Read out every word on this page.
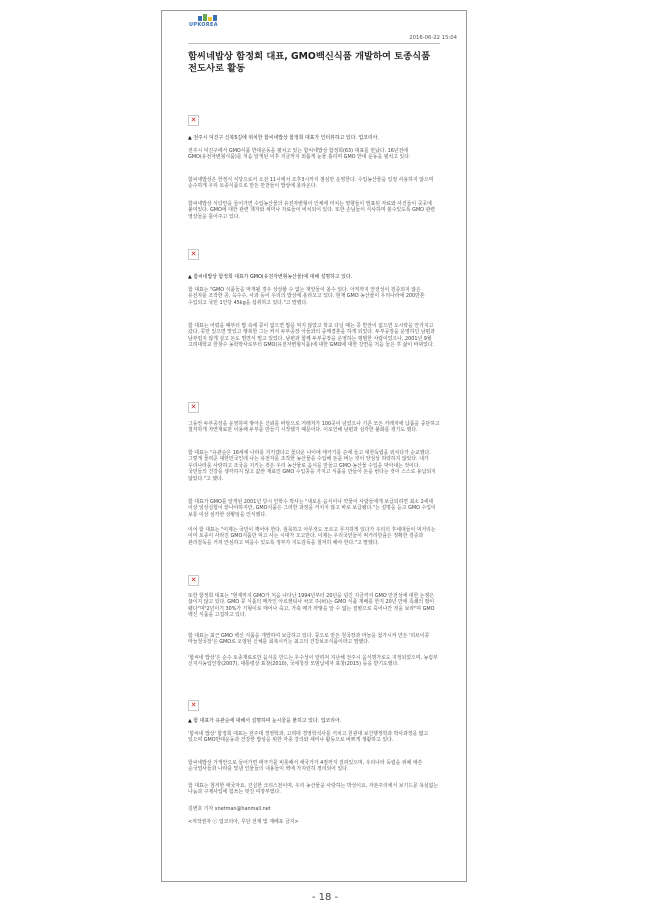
UPKOREA
2016-06-22 15:04
함씨네밥상 함정희 대표, GMO백신식품 개발하여 토종식품 전도사로 활동
✕

▲ 전주시 덕진구 신복5길에 위치한 함씨네밥상 함정희 대표가 인터뷰하고 있다. 업코리아.

전주시 덕진구에서 GMO식품 반대운동을 펼치고 있는 함씨네밥상 함정희(63) 대표를 만났다. 16년전에 GMO(유전자변형식품)를 처음 알게된 이후 지금까지 외롭게 눈물 흘리며 GMO 반대 운동을 펼치고 있다.

함씨네밥상은 한정식 식당으로서 오전 11시에서 오후3시까지 점심만 운영한다. 수입농산물을 일절 사용하지 않으며 순수하게 우리 토종식품으로 만든 만찬들이 밥상에 올라온다.

함씨네밥상 식당안을 들어가면 수입농산물의 유전자변형이 인체에 미치는 영향들이 발표된 자료와 사진들이 곳곳에 붙여있다. GMO에 대한 관련 책자와 세미나 자료들이 비치되어 있다. 또한 손님들이 식사하며 볼수있도록 GMO 관련 영상들을 틀어주고 있다.

✕

▲ 함씨네밥상 함정희 대표가 GMO(유전자변형농산물)에 대해 설명하고 있다.

함 대표는 "GMO 식품들을 먹게될 경우 상상할 수 없는 재앙들이 올수 있다. 아직까지 안전성이 검증되지 않은 유전자를 조작한 콩, 옥수수, 사과 등이 우리의 밥상에 올라오고 있다. 현재 GMO 농산물이 우리나라에 200만톤 수입되고 국민 1인당 45kg을 섭취하고 있다."고 말했다.

함 대표는 어렸을 때부터 밥 속에 콩이 없으면 밥을 먹지 않았고 학교 다닐 때는 콩 반찬이 없으면 도시락을 안가지고 갔다. 콩만 있으면 맛있고 행복한 그는 커서 두부공장 아들과의 중매결혼을 하게 되었다. 두부공장을 운영하던 남편과 남부럽지 않게 살고 돈도 벌면서 벌고 있었다. 남편과 함께 두부공장을 운영하는 평범한 사람이었으나, 2001년 9월 고려대학교 한창수 농학박사로부터 GMO(유전자변형식품)에 대한 GMO에 대한 강연을 처음 들은 후 삶이 바뀌었다.

✕

그동안 두부공장을 운영하며 쌓아온 신뢰를 바탕으로 거래처가 100곳이 넘었으나 기존 모든 거래처에 납품을 중단하고 철저하게 자연재료만 이용해 두부를 만들기 시작했기 때문이다. 이로인해 남편과 심각한 불화를 겪기도 했다.

함 대표는 "유관순은 16세에 나라를 지키겠다고 꽃다운 나이에 태극기를 손에 들고 대한독립을 외치다가 순교했다. 그렇게 물려준 대한민국인데 나는 유전자를 조작한 농산물을 수입해 돈을 버는 것이 양심상 허락하지 않았다. 내가 우리나라를 사랑하고 조국을 지키는 것은 우리 농산물로 음식을 만들고 GMO 농산물 수입을 막아내는 것이다. 국민들의 건강을 생각하지 않고 값싼 재료인 GMO 수입콩을 가지고 식품을 만들어 돈을 번다는 것이 스스로 용납되지 않았다."고 했다.

함 대표가 GMO를 알게된 2001년 당시 안학수 박사는 "새로운 음식이나 약물이 사람들에게 보급되려면 최소 2세대 이상 임상실험이 끝나야하지만, GMO식품은 그러한 과정을 거치지 않고 바로 보급됐다."는 설명을 듣고 GMO 수입이 보통 이상 심각한 상황임을 인식했다.

이어 함 대표는 "이제는 국민이 깨어야 한다. 침묵하고 아무것도 모르고 무지하게 있다가 우리의 후세대들이 먹거리는 이미 토종이 사라진 GMO식품만 먹고 사는 시대가 오고만다. 이제는 우리국민들이 먹거리만큼은 정확한 검증과 관리감독을 거쳐 안심하고 먹을수 있도록 정부가 지도감독을 철저히 해야 한다."고 말했다.

✕

또한 함정희 대표는 "현재까지 GMO가 처음 나타난 1994년부터 20년을 넘긴 지금까지 GMO 안전성에 대한 논쟁은 끊이지 않고 있다. GMO 콩 식품의 메카인 아르헨티나 차코 주(州)는 GMO 식품 재배를 한지 20년 만에 족쇄의 땅이 됐다"며"2년이기 30%가 기형이로 태어나 죽고, 가축 메가 까맣을 알 수 없는 질병으로 죽어나간 것을 보라"며 GMO 백신 식품을 고집하고 있다.

함 대표는 최근 GMO 백신 식품을 개발하여 보급하고 있다. 콩으로 만든 청국장과 마늘을 첨가시켜 만든 '허브이콩 마늘청국장'은 GMO로 오염된 신체를 회복시키는 최고의 건강보조식품이라고 말했다.

'함씨네 밥상'은 순수 토종재료로만 음식을 만드는 우수성이 알려져 지난해 전주시 음식명가로도 지정되었으며, 농림부 신지식농업인장(2007), 대통령상 표창(2010), 국세청장 모범납세자 표창(2015) 등을 받기도했다.

✕

▲ 함 대표가 유관순에 대해서 설명하며 눈시울을 붉히고 있다. 업코리아.

'함씨네 밥상' 함정희 대표는 전주대 경영학과, 고려대 경영학석사를 거치고 원광대 보건행정학과 박사과정을 밟고 있으며 GMO반대운동과 건강한 밥상을 위한 각종 강의와 세미나 활동으로 바쁘게 생활하고 있다.

함씨네밥상 가게안으로 들어가면 태극기를 비롯해서 애국가가 4절까지 걸려있으며, 우리나라 독립을 위해 애쓴 순국열사들과 나라를 빛낸 인물들의 내용들이 벽에 가지런히 정리되어 있다.

함 대표는 철저한 애국자요, 진실한 크리스천이며, 우리 농산물을 사랑하는 박성이요, 자본주의에서 보기드문 욕심없는 나눔과 구제사업에 힘쓰는 멋진 여장부였다.

김변호 기자 xnetman@hanmail.net

<저작권자 ⓒ 업코리아, 무단 전재 및 재배포 금지>

- 18 -
